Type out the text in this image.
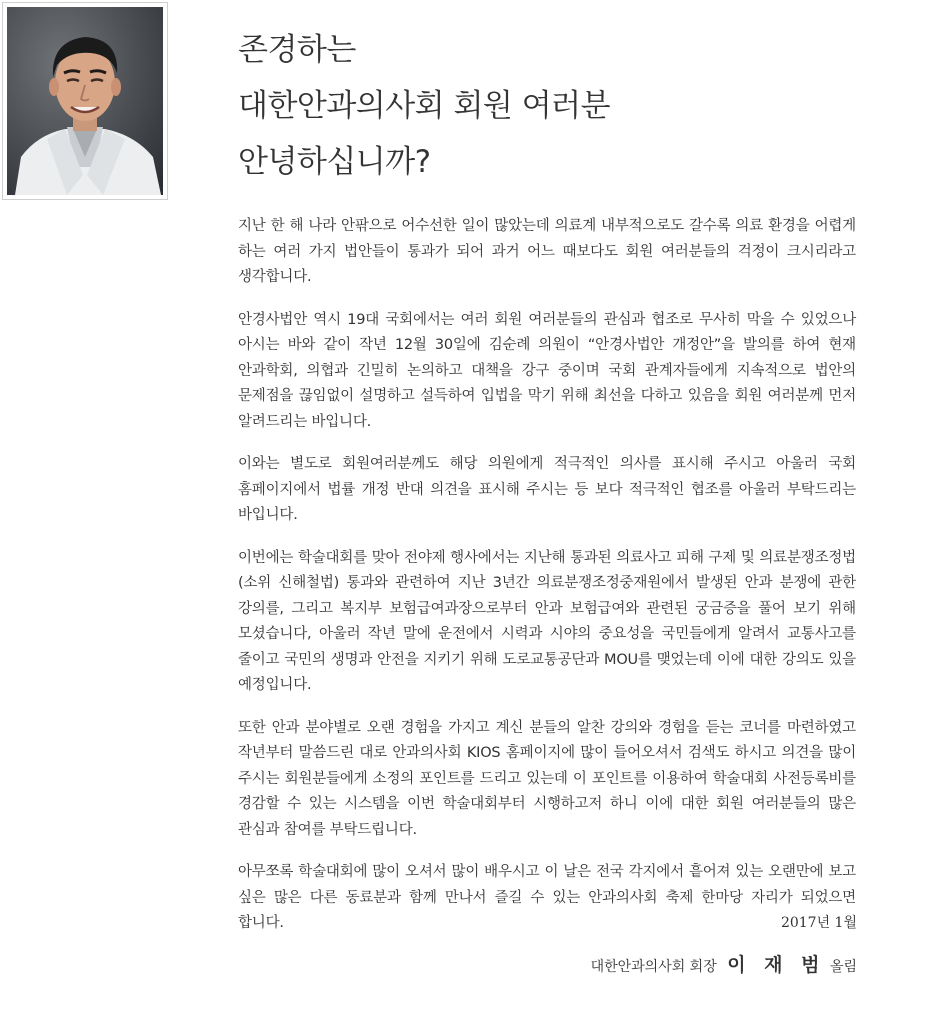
존경하는
대한안과의사회 회원 여러분
안녕하십니까?

지난 한 해 나라 안팎으로 어수선한 일이 많았는데 의료계 내부적으로도 갈수록 의료 환경을 어렵게 하는 여러 가지 법안들이 통과가 되어 과거 어느 때보다도 회원 여러분들의 걱정이 크시리라고 생각합니다.

안경사법안 역시 19대 국회에서는 여러 회원 여러분들의 관심과 협조로 무사히 막을 수 있었으나 아시는 바와 같이 작년 12월 30일에 김순례 의원이 “안경사법안 개정안”을 발의를 하여 현재 안과학회, 의협과 긴밀히 논의하고 대책을 강구 중이며 국회 관계자들에게 지속적으로 법안의 문제점을 끊임없이 설명하고 설득하여 입법을 막기 위해 최선을 다하고 있음을 회원 여러분께 먼저 알려드리는 바입니다.

이와는 별도로 회원여러분께도 해당 의원에게 적극적인 의사를 표시해 주시고 아울러 국회 홈페이지에서 법률 개정 반대 의견을 표시해 주시는 등 보다 적극적인 협조를 아울러 부탁드리는 바입니다.

이번에는 학술대회를 맞아 전야제 행사에서는 지난해 통과된 의료사고 피해 구제 및 의료분쟁조정법 (소위 신해철법) 통과와 관련하여 지난 3년간 의료분쟁조정중재원에서 발생된 안과 분쟁에 관한 강의를, 그리고 복지부 보험급여과장으로부터 안과 보험급여와 관련된 궁금증을 풀어 보기 위해 모셨습니다, 아울러 작년 말에 운전에서 시력과 시야의 중요성을 국민들에게 알려서 교통사고를 줄이고 국민의 생명과 안전을 지키기 위해 도로교통공단과 MOU를 맺었는데 이에 대한 강의도 있을 예정입니다.

또한 안과 분야별로 오랜 경험을 가지고 계신 분들의 알찬 강의와 경험을 듣는 코너를 마련하였고 작년부터 말씀드린 대로 안과의사회 KIOS 홈페이지에 많이 들어오셔서 검색도 하시고 의견을 많이 주시는 회원분들에게 소정의 포인트를 드리고 있는데 이 포인트를 이용하여 학술대회 사전등록비를 경감할 수 있는 시스템을 이번 학술대회부터 시행하고저 하니 이에 대한 회원 여러분들의 많은 관심과 참여를 부탁드립니다.

아무쪼록 학술대회에 많이 오셔서 많이 배우시고 이 날은 전국 각지에서 흩어져 있는 오랜만에 보고 싶은 많은 다른 동료분과 함께 만나서 즐길 수 있는 안과의사회 축제 한마당 자리가 되었으면 합니다.	2017년 1월
대한안과의사회 회장 이 재 범 올림
